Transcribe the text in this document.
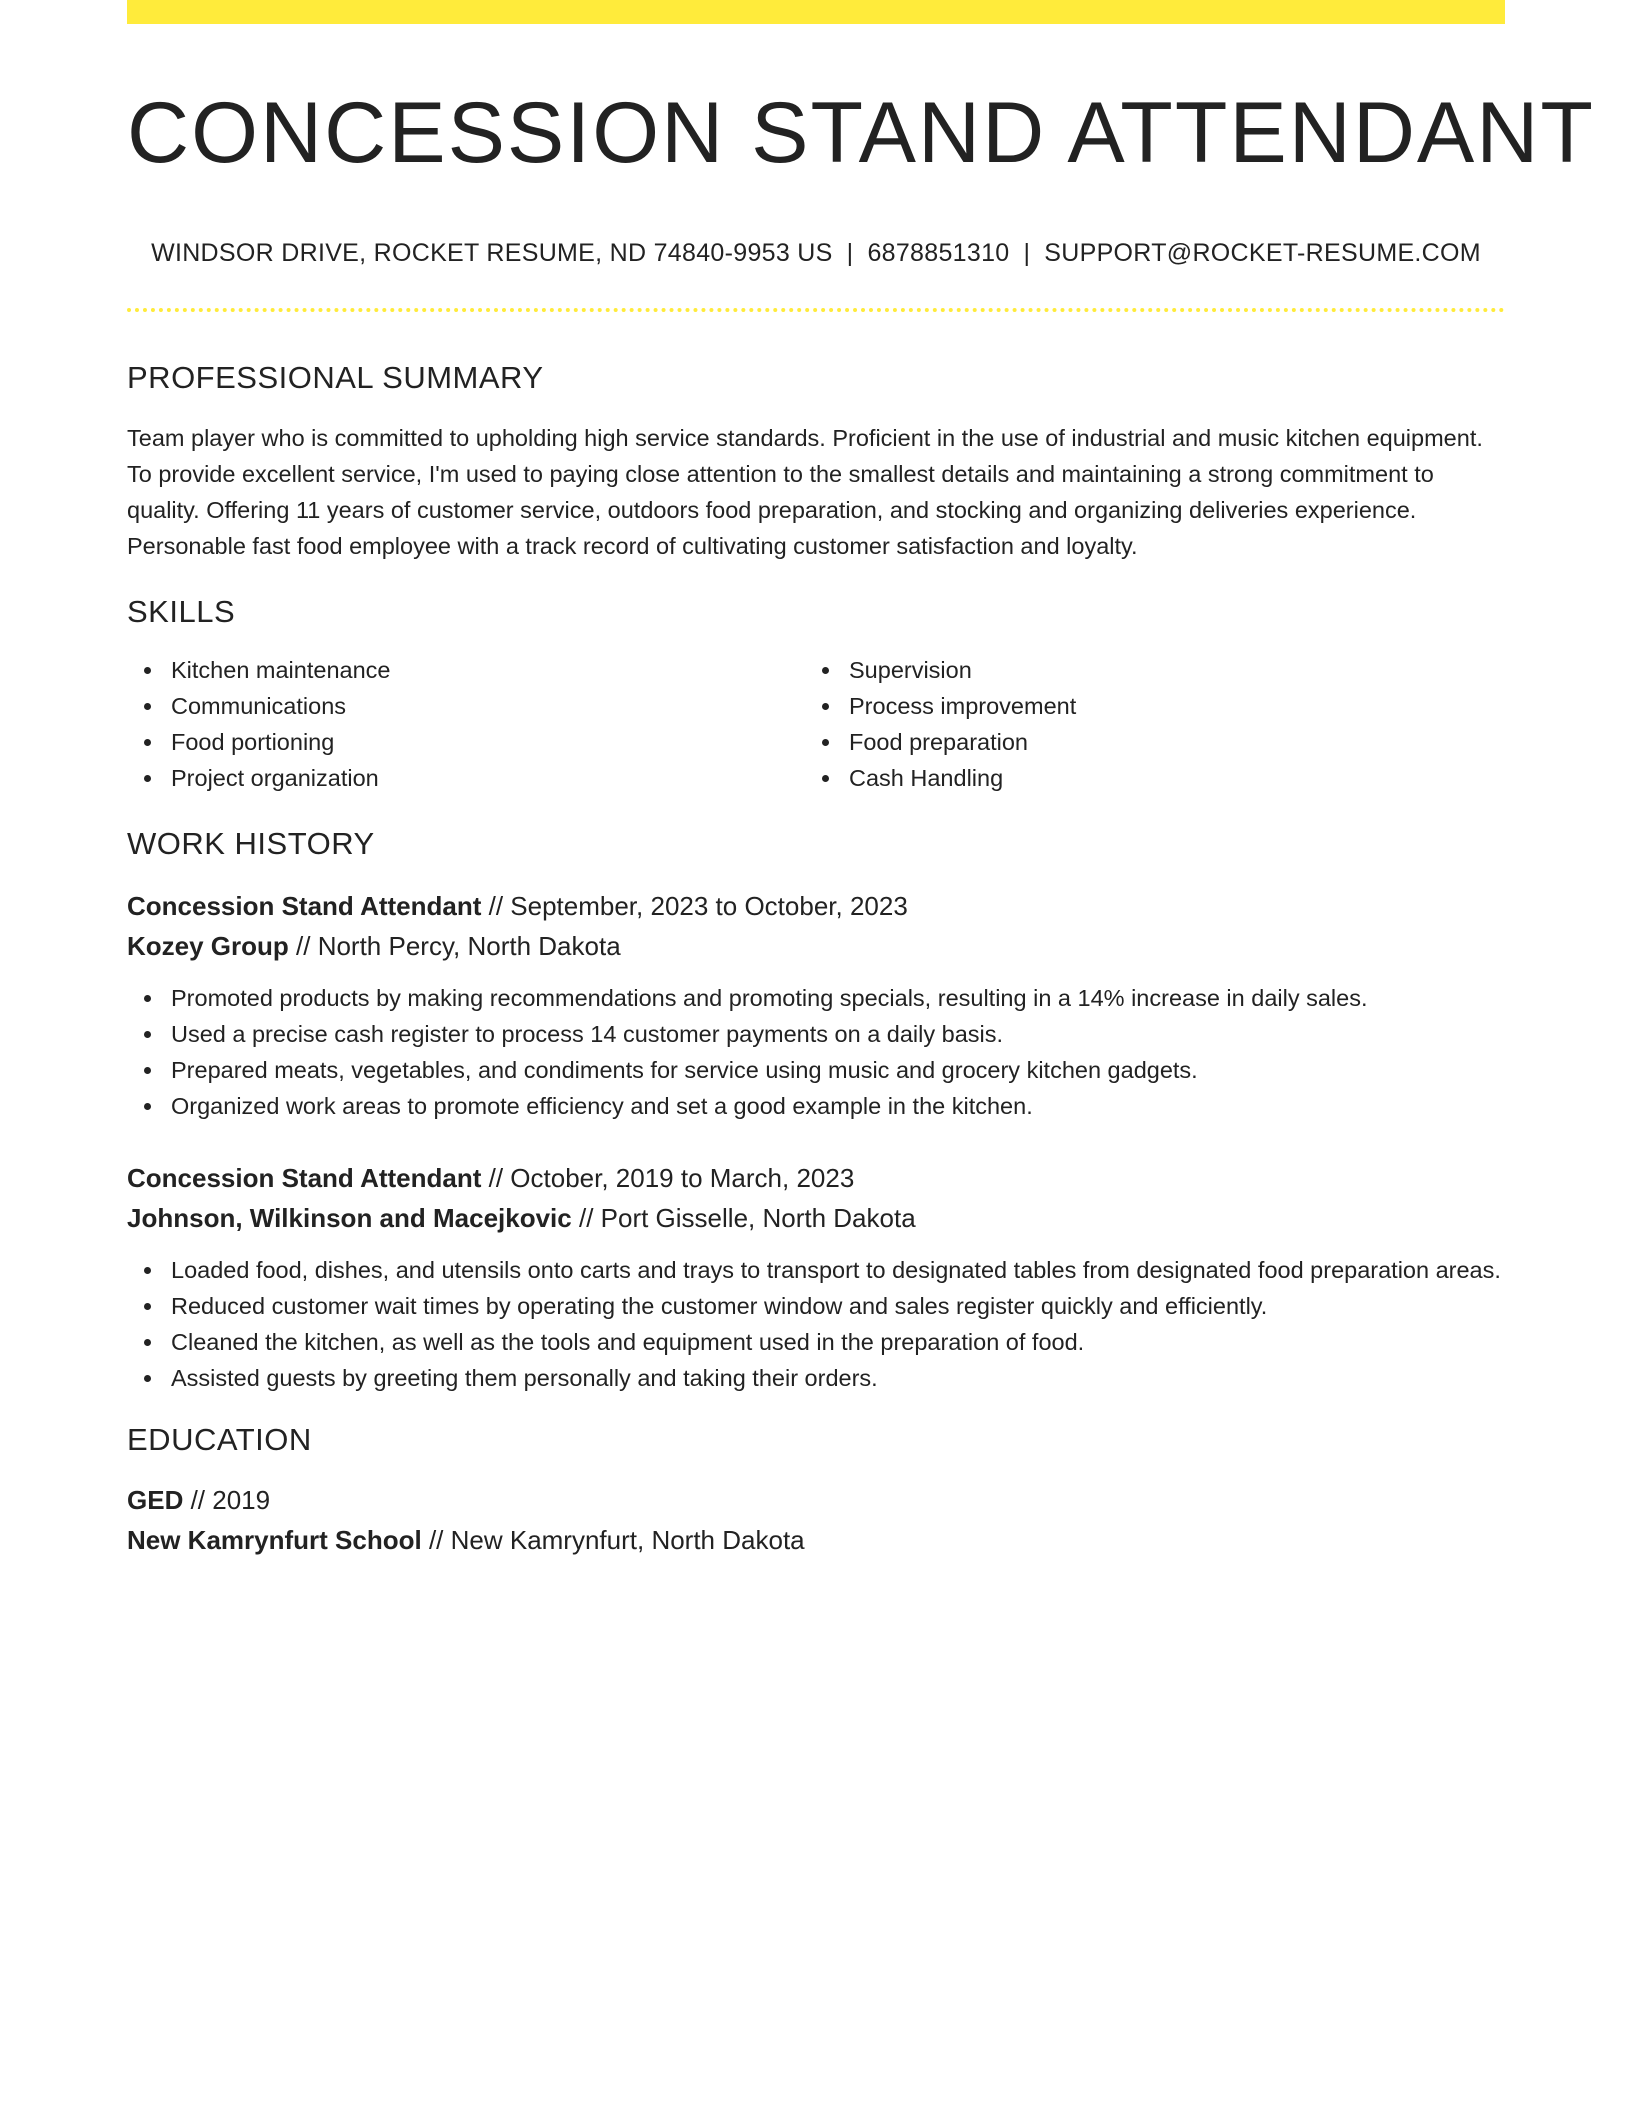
CONCESSION STAND ATTENDANT
WINDSOR DRIVE, ROCKET RESUME, ND 74840-9953 US | 6878851310 | SUPPORT@ROCKET-RESUME.COM
PROFESSIONAL SUMMARY

Team player who is committed to upholding high service standards. Proficient in the use of industrial and music kitchen equipment. To provide excellent service, I'm used to paying close attention to the smallest details and maintaining a strong commitment to quality. Offering 11 years of customer service, outdoors food preparation, and stocking and organizing deliveries experience. Personable fast food employee with a track record of cultivating customer satisfaction and loyalty.

SKILLS
Kitchen maintenance
Communications
Food portioning
Project organization
Supervision
Process improvement
Food preparation
Cash Handling
WORK HISTORY
Concession Stand Attendant // September, 2023 to October, 2023
Kozey Group // North Percy, North Dakota
Promoted products by making recommendations and promoting specials, resulting in a 14% increase in daily sales.
Used a precise cash register to process 14 customer payments on a daily basis.
Prepared meats, vegetables, and condiments for service using music and grocery kitchen gadgets.
Organized work areas to promote efficiency and set a good example in the kitchen.
Concession Stand Attendant // October, 2019 to March, 2023
Johnson, Wilkinson and Macejkovic // Port Gisselle, North Dakota
Loaded food, dishes, and utensils onto carts and trays to transport to designated tables from designated food preparation areas.
Reduced customer wait times by operating the customer window and sales register quickly and efficiently.
Cleaned the kitchen, as well as the tools and equipment used in the preparation of food.
Assisted guests by greeting them personally and taking their orders.
EDUCATION
GED // 2019
New Kamrynfurt School // New Kamrynfurt, North Dakota
